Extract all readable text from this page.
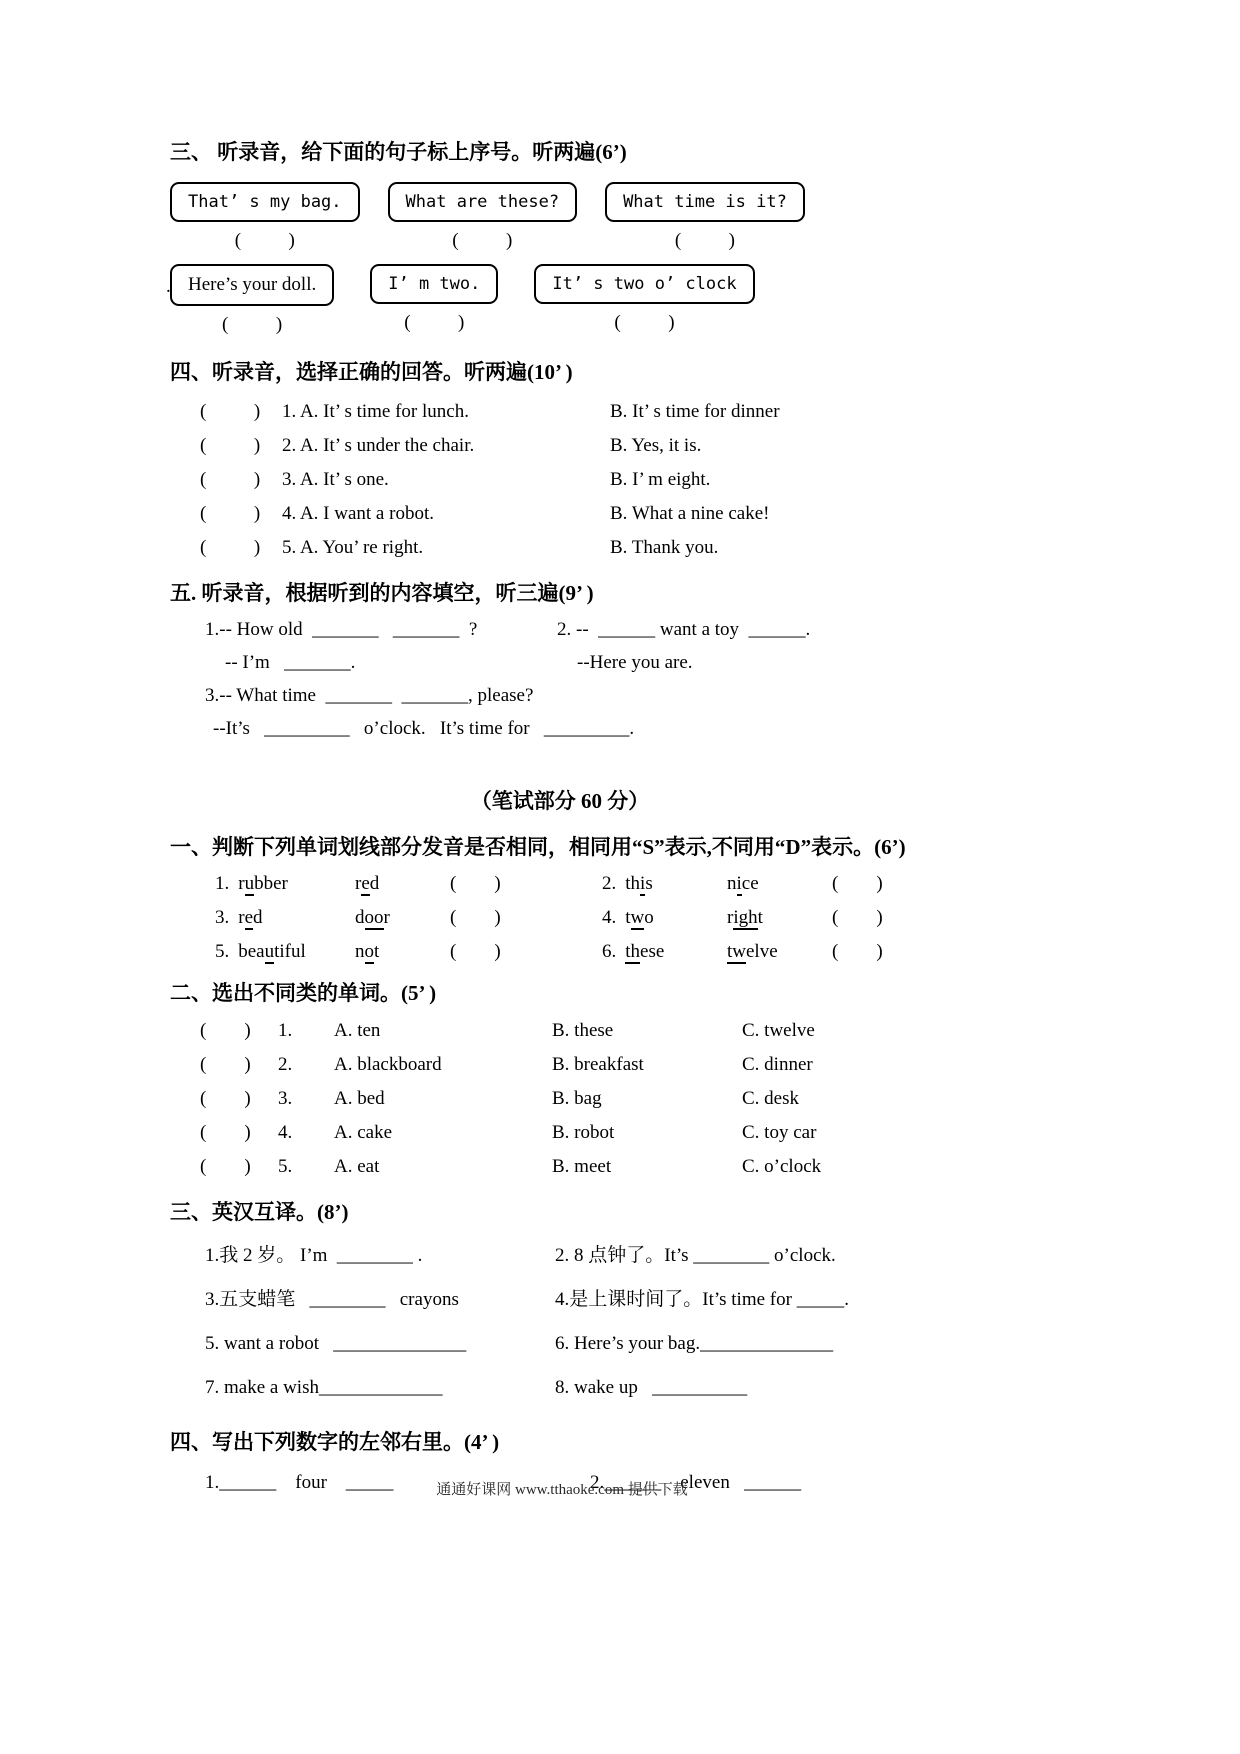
.
三、 听录音，给下面的句子标上序号。听两遍(6’)
That’ s my bag.
(          )
What are these?
(          )
What time is it?
(          )
Here’s your doll.
(          )
I’ m two.
(          )
It’ s two o’ clock
(          )
四、听录音，选择正确的回答。听两遍(10’ )
(          )	1. A. It’ s time for lunch.	B. It’ s time for dinner
(          )	2. A. It’ s under the chair.	B. Yes, it is.
(          )	3. A. It’ s one.	B. I’ m eight.
(          )	4. A. I want a robot.	B. What a nine cake!
(          )	5. A. You’ re right.	B. Thank you.
五. 听录音，根据听到的内容填空，听三遍(9’ )
1.-- How old  _______   _______  ?	2. --  ______ want a toy  ______.
-- I’m   _______.	--Here you are.
3.-- What time  _______  _______, please?
--It’s   _________   o’clock.   It’s time for   _________.
（笔试部分 60 分）
一、判断下列单词划线部分发音是否相同，相同用“S”表示,不同用“D”表示。(6’)
1. rubber	red	(        )	2. this	nice	(        )
3. red	door	(        )	4. two	right	(        )
5. beautiful	not	(        )	6. these	twelve	(        )
二、选出不同类的单词。(5’ )
(        )	1.	A. ten	B. these	C. twelve
(        )	2.	A. blackboard	B. breakfast	C. dinner
(        )	3.	A. bed	B. bag	C. desk
(        )	4.	A. cake	B. robot	C. toy car
(        )	5.	A. eat	B. meet	C. o’clock
三、英汉互译。(8’)
1.我 2 岁。 I’m  ________ .	2. 8 点钟了。It’s ________ o’clock.
3.五支蜡笔   ________   crayons	4.是上课时间了。It’s time for _____.
5. want a robot   ______________	6. Here’s your bag.______________
7. make a wish_____________	8. wake up   __________
四、写出下列数字的左邻右里。(4’ )
1.______    four    _____	2.______    eleven   ______
通通好课网 www.tthaoke.com 提供下载
